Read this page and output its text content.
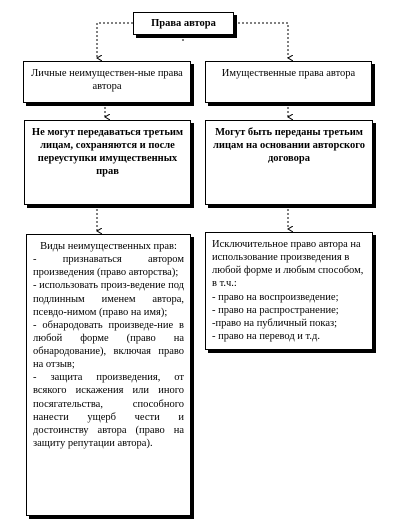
Права автора
Личные неимуществен-ные права автора
Имущественные права автора
Не могут передаваться третьим лицам, сохраняются и после переуступки имущественных прав
Могут быть переданы третьим лицам на основании авторского договора
Виды неимущественных прав:
- признаваться автором произведения (право авторства);
- использовать произ-ведение под подлинным именем автора, псевдо-нимом (право на имя);
- обнародовать произведе-ние в любой форме (право на обнародование), включая право на отзыв;
- защита произведения, от всякого искажения или иного посягательства, способного нанести ущерб чести и достоинству автора (право на защиту репутации автора).
Исключительное право автора на использование произведения в любой форме и любым способом, в т.ч.:
- право на воспроизведение;
- право на распространение;
-право на публичный показ;
- право на перевод и т.д.
